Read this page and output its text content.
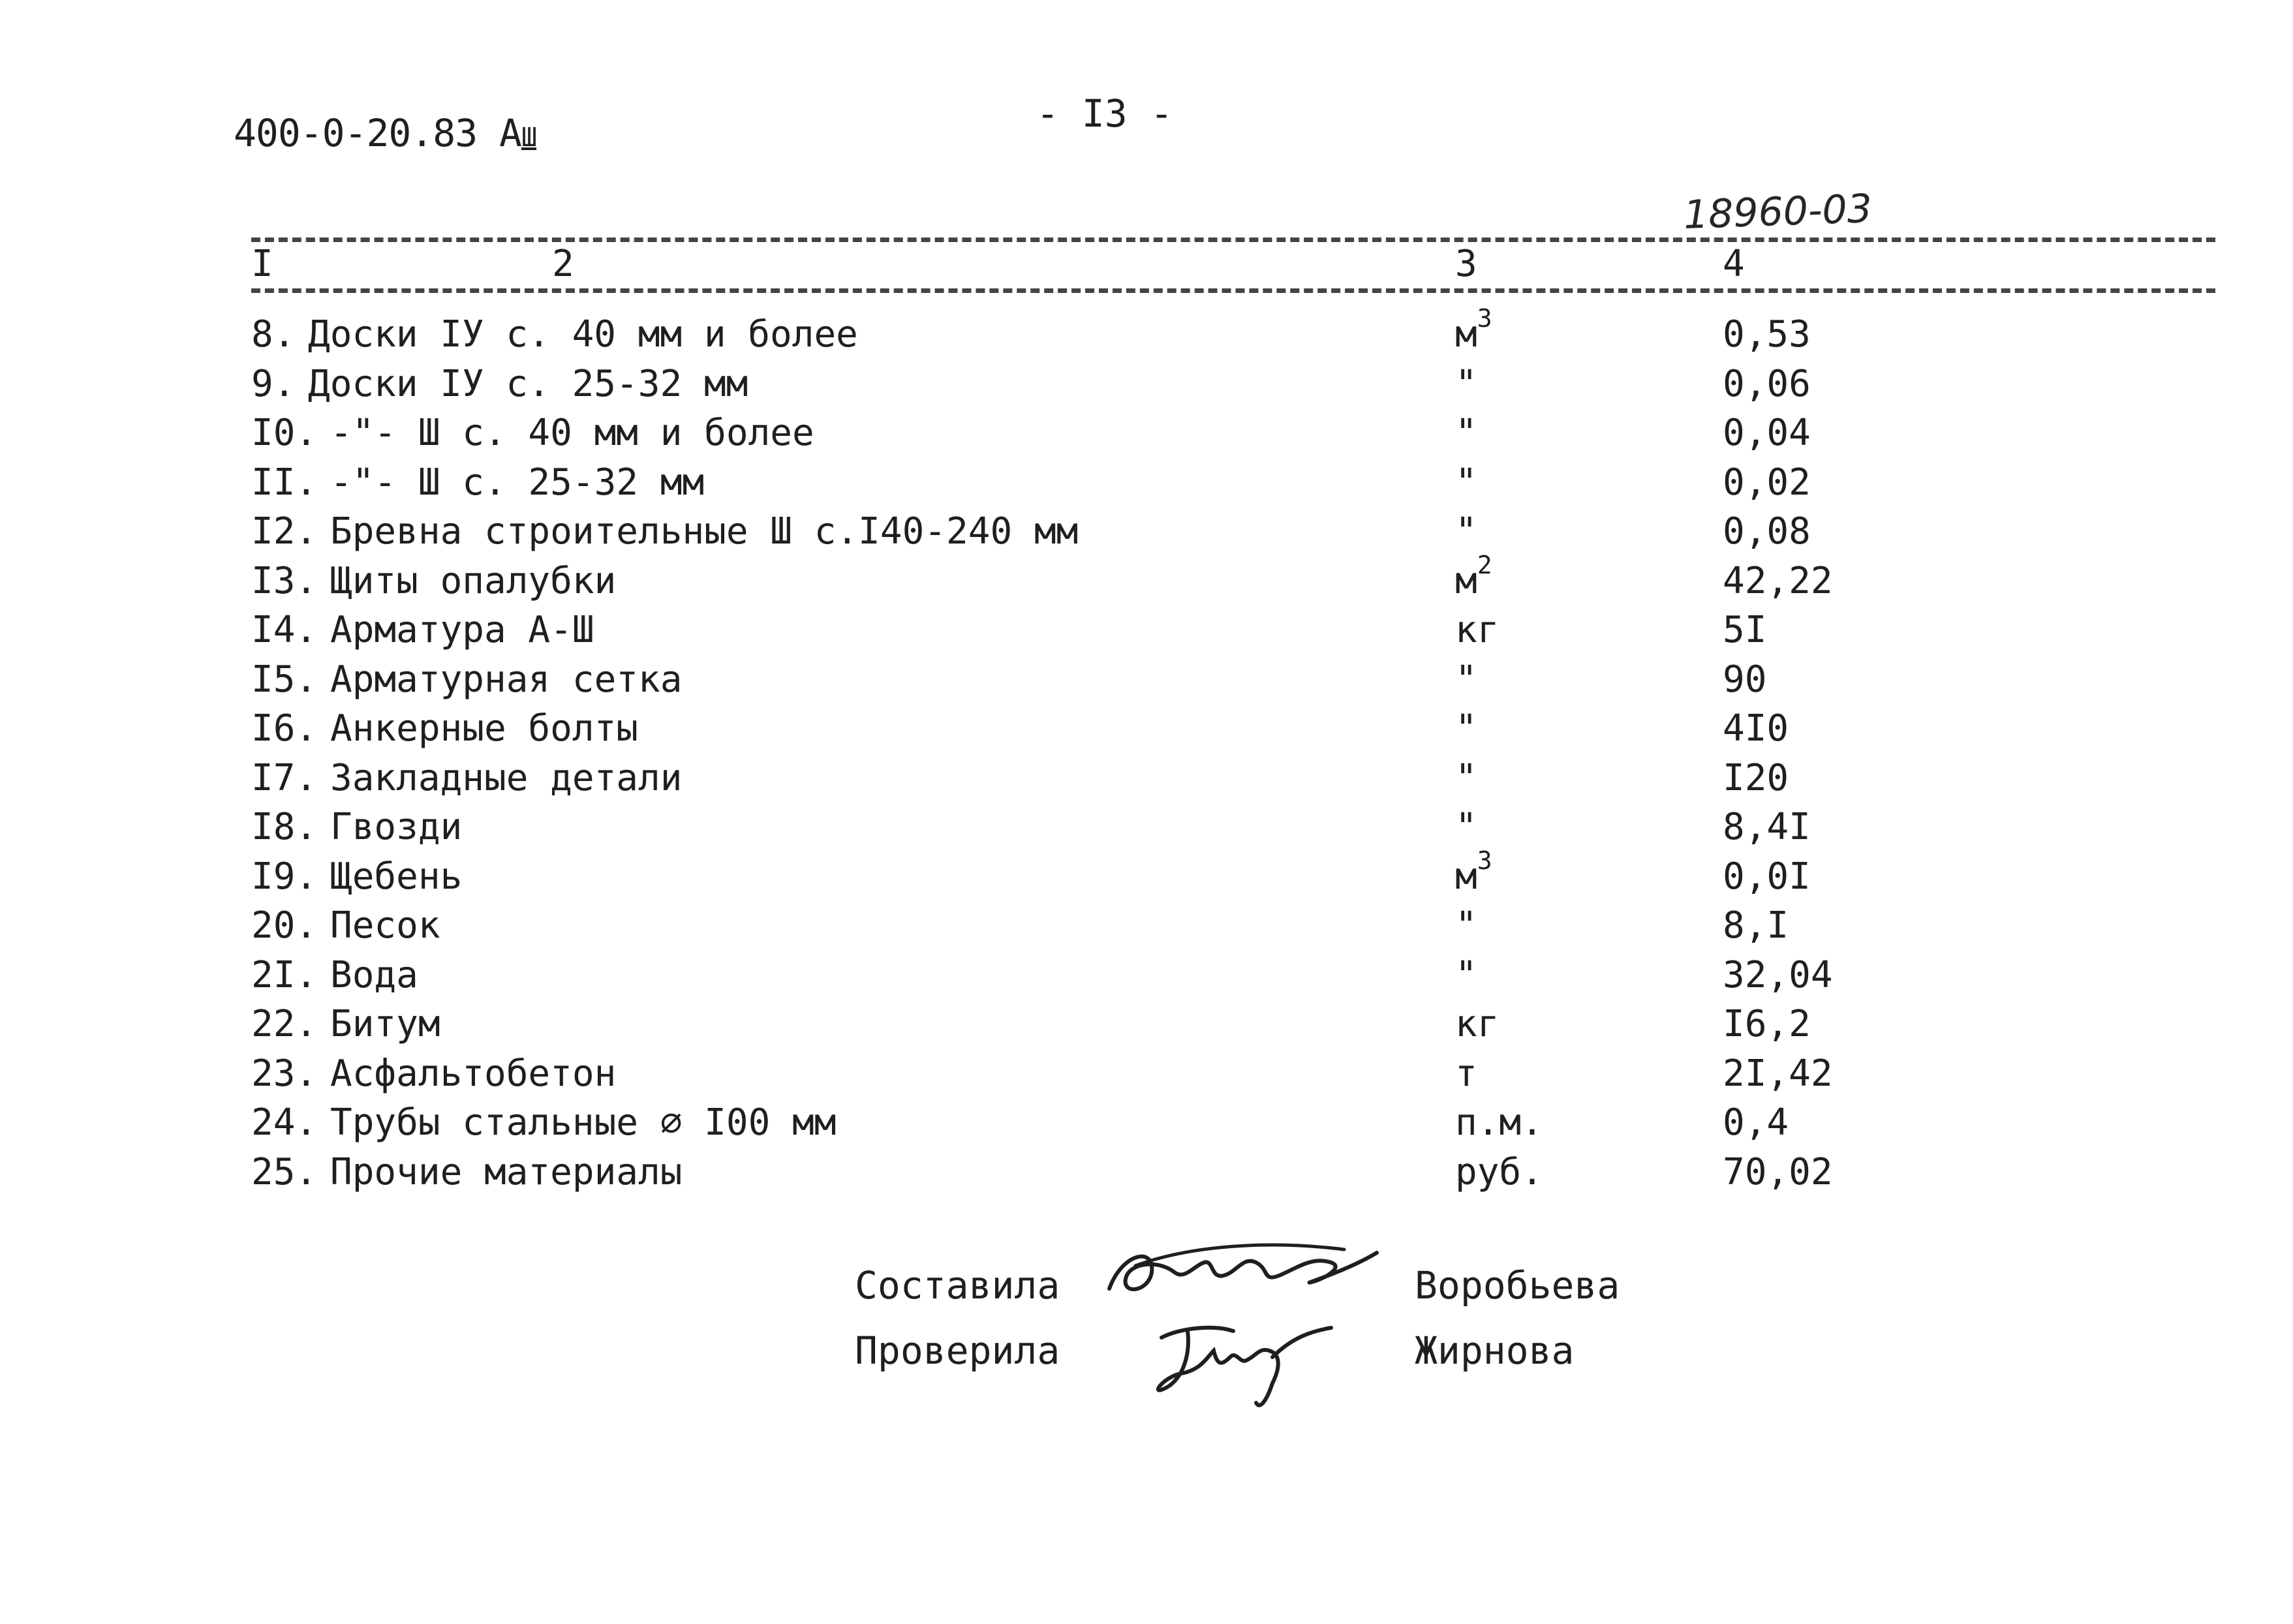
400-0-20.83 АШ
- I3 -
18960-03
I	2	3	4
8. Доски IУ с. 40 мм и более	$м^3$	0,53
9. Доски IУ с. 25-32 мм	"	0,06
I0. -"- Ш с. 40 мм и более	"	0,04
II. -"- Ш с. 25-32 мм	"	0,02
I2. Бревна строительные Ш с.I40-240 мм	"	0,08
I3. Щиты опалубки	$м^2$	42,22
I4. Арматура А-Ш	кг	5I
I5. Арматурная сетка	"	90
I6. Анкерные болты	"	4I0
I7. Закладные детали	"	I20
I8. Гвозди	"	8,4I
I9. Щебень	$м^3$	0,0I
20. Песок	"	8,I
2I. Вода	"	32,04
22. Битум	кг	I6,2
23. Асфальтобетон	т	2I,42
24. Трубы стальные ∅ I00 мм	п.м.	0,4
25. Прочие материалы	руб.	70,02
Составила	Воробьева
Проверила	Жирнова
